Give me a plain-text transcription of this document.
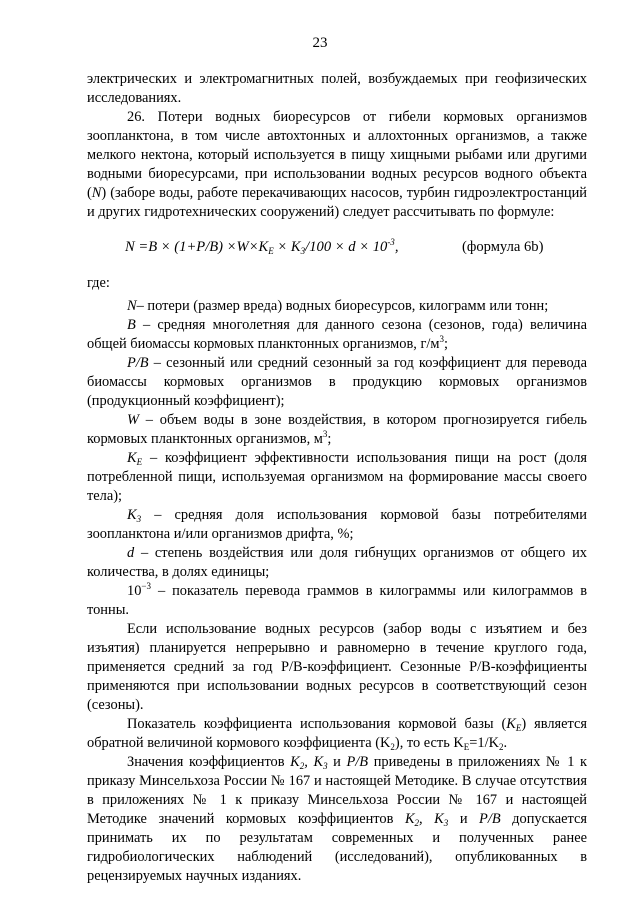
23

электрических и электромагнитных полей, возбуждаемых при геофизических исследованиях.

26. Потери водных биоресурсов от гибели кормовых организмов зоопланктона, в том числе автохтонных и аллохтонных организмов, а также мелкого нектона, который используется в пищу хищными рыбами или другими водными биоресурсами, при использовании водных ресурсов водного объекта (N) (заборе воды, работе перекачивающих насосов, турбин гидроэлектростанций и других гидротехнических сооружений) следует рассчитывать по формуле:

$N =B \times (1+P/B) \times W\times K_E \times K_3/100 \times d \times 10^{-3}$,	(формула 6b)

где:

N– потери (размер вреда) водных биоресурсов, килограмм или тонн;

B – средняя многолетняя для данного сезона (сезонов, года) величина общей биомассы кормовых планктонных организмов, $г/м^3$;

P/B – сезонный или средний сезонный за год коэффициент для перевода биомассы кормовых организмов в продукцию кормовых организмов (продукционный коэффициент);

W – объем воды в зоне воздействия, в котором прогнозируется гибель кормовых планктонных организмов, $м^3$;

$K_E$ – коэффициент эффективности использования пищи на рост (доля потребленной пищи, используемая организмом на формирование массы своего тела);

$K_3$ – средняя доля использования кормовой базы потребителями зоопланктона и/или организмов дрифта, %;

d – степень воздействия или доля гибнущих организмов от общего их количества, в долях единицы;

$10^{-3}$ – показатель перевода граммов в килограммы или килограммов в тонны.

Если использование водных ресурсов (забор воды с изъятием и без изъятия) планируется непрерывно и равномерно в течение круглого года, применяется средний за год P/B-коэффициент. Сезонные P/B-коэффициенты применяются при использовании водных ресурсов в соответствующий сезон (сезоны).

Показатель коэффициента использования кормовой базы $(K_E)$ является обратной величиной кормового коэффициента $(K_2)$, то есть $K_E=1/K_2$.

Значения коэффициентов $K_2$, $K_3$ и P/B приведены в приложениях № 1 к приказу Минсельхоза России № 167 и настоящей Методике. В случае отсутствия в приложениях № 1 к приказу Минсельхоза России № 167 и настоящей Методике значений кормовых коэффициентов $K_2$, $K_3$ и P/B допускается принимать их по результатам современных и полученных ранее гидробиологических наблюдений (исследований), опубликованных в рецензируемых научных изданиях.
